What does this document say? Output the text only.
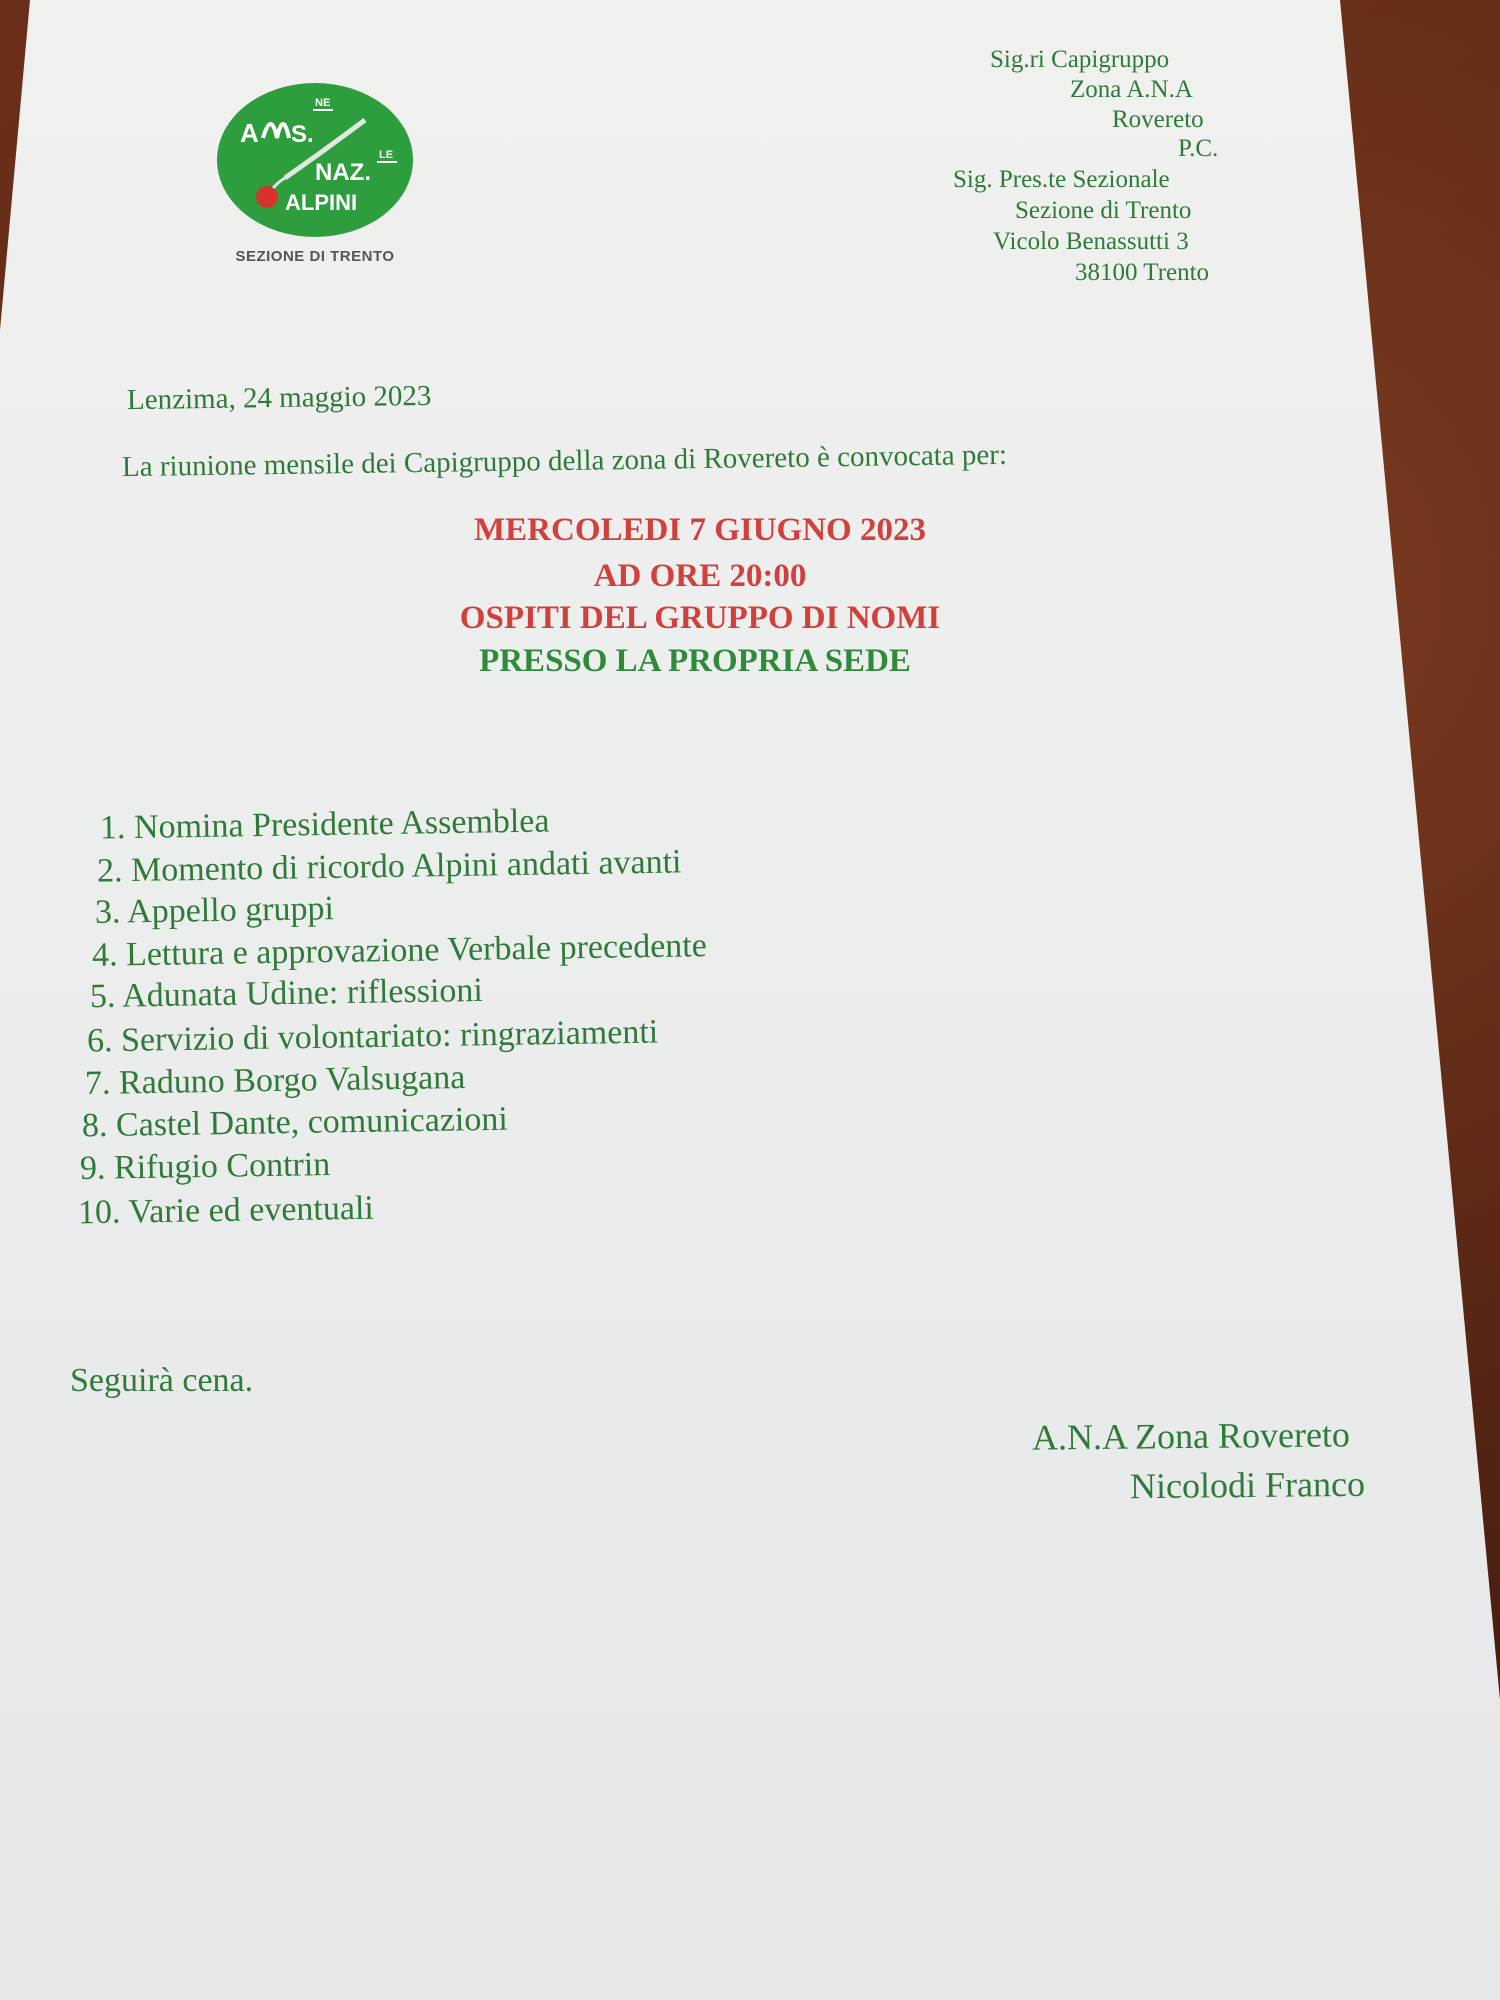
A S.
NE
NAZ.
LE
ALPINI
SEZIONE DI TRENTO
Sig.ri Capigruppo
Zona A.N.A
Rovereto
P.C.
Sig. Pres.te Sezionale
Sezione di Trento
Vicolo Benassutti 3
38100 Trento
Lenzima, 24 maggio 2023
La riunione mensile dei Capigruppo della zona di Rovereto è convocata per:
MERCOLEDI 7 GIUGNO 2023
AD ORE 20:00
OSPITI DEL GRUPPO DI NOMI
PRESSO LA PROPRIA SEDE
1. Nomina Presidente Assemblea
2. Momento di ricordo Alpini andati avanti
3. Appello gruppi
4. Lettura e approvazione Verbale precedente
5. Adunata Udine: riflessioni
6. Servizio di volontariato: ringraziamenti
7. Raduno Borgo Valsugana
8. Castel Dante, comunicazioni
9. Rifugio Contrin
10. Varie ed eventuali
Seguirà cena.
A.N.A Zona Rovereto
Nicolodi Franco
